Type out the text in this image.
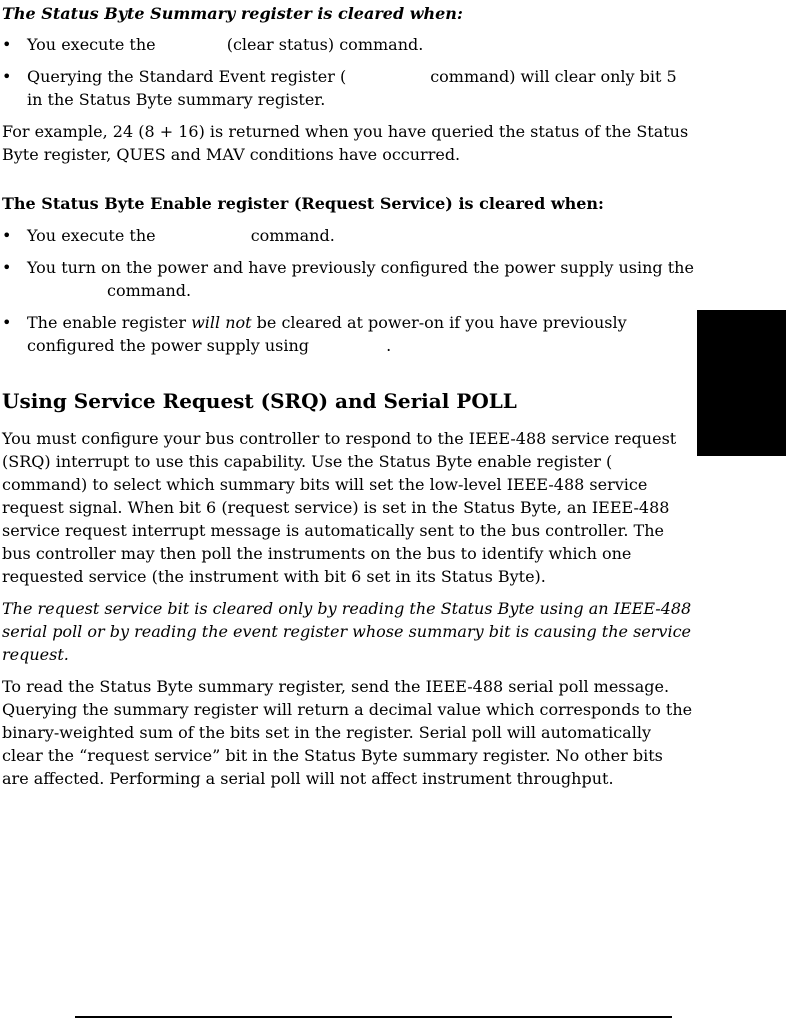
The Status Byte Summary register is cleared when:
• You execute the	(clear status) command.
• Querying the Standard Event register (	command) will clear only bit 5 in the Status Byte summary register.
For example, 24 (8 + 16) is returned when you have queried the status of the Status Byte register, QUES and MAV conditions have occurred.
The Status Byte Enable register (Request Service) is cleared when:
• You execute the	command.
• You turn on the power and have previously configured the power supply using the command.
• The enable register will not be cleared at power-on if you have previously configured the power supply using	.
Using Service Request (SRQ) and Serial POLL
You must configure your bus controller to respond to the IEEE-488 service request (SRQ) interrupt to use this capability. Use the Status Byte enable register (command) to select which summary bits will set the low-level IEEE-488 service request signal. When bit 6 (request service) is set in the Status Byte, an IEEE-488 service request interrupt message is automatically sent to the bus controller. The bus controller may then poll the instruments on the bus to identify which one requested service (the instrument with bit 6 set in its Status Byte).
The request service bit is cleared only by reading the Status Byte using an IEEE-488 serial poll or by reading the event register whose summary bit is causing the service request.
To read the Status Byte summary register, send the IEEE-488 serial poll message. Querying the summary register will return a decimal value which corresponds to the binary-weighted sum of the bits set in the register. Serial poll will automatically clear the “request service” bit in the Status Byte summary register. No other bits are affected. Performing a serial poll will not affect instrument throughput.
